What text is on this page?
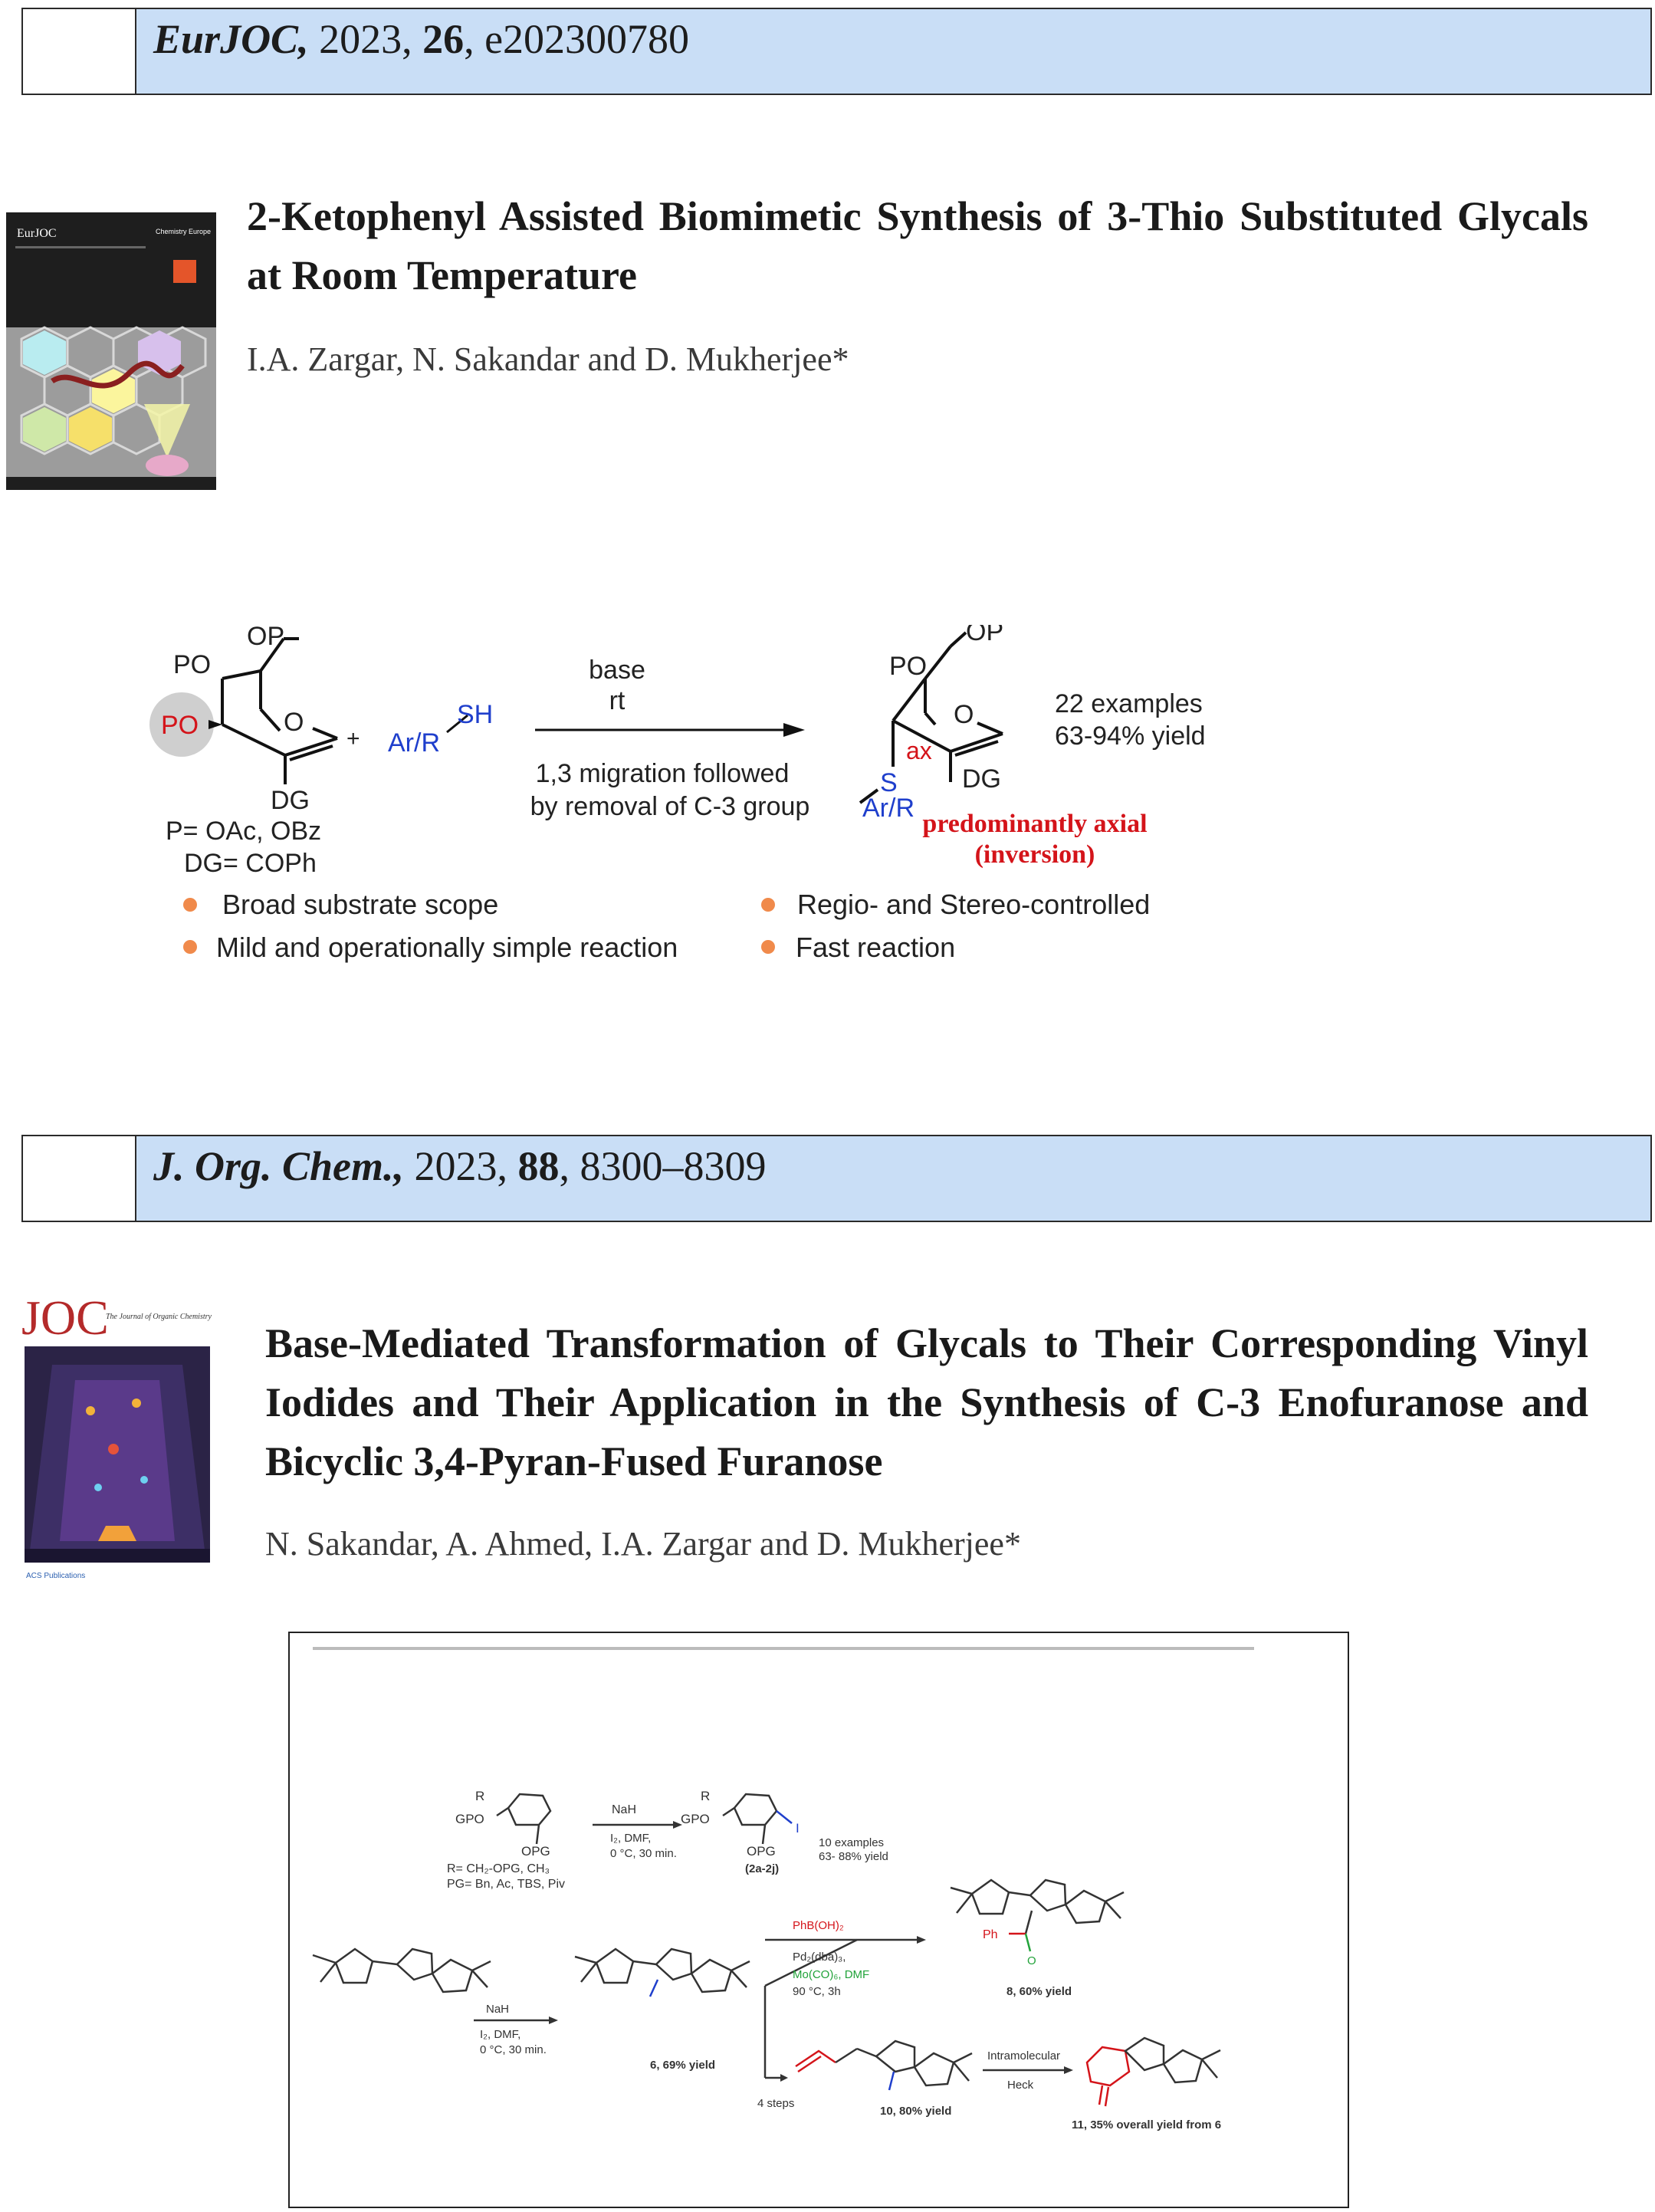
EurJOC, 2023, 26, e202300780
EurJOC	Chemistry Europe 2-Ketophenyl Assisted Biomimetic Synthesis of 3-Thio Substituted Glycals at Room Temperature
I.A. Zargar, N. Sakandar and D. Mukherjee*
PO
OP
PO	O
DG
P= OAc, OBz
DG= COPh
+ Ar/R
SH
base
rt
1,3 migration followed
by removal of C-3 group
PO
OP
O
DG
ax
S
Ar/R
22 examples
63-94% yield
predominantly axial
(inversion)
Broad substrate scope	Regio- and Stereo-controlled
Mild and operationally simple reaction	Fast reaction
J. Org. Chem., 2023, 88, 8300–8309
JOC
The Journal of Organic Chemistry
ACS Publications
Base-Mediated Transformation of Glycals to Their Corresponding Vinyl Iodides and Their Application in the Synthesis of C-3 Enofuranose and Bicyclic 3,4-Pyran-Fused Furanose
N. Sakandar, A. Ahmed, I.A. Zargar and D. Mukherjee*
R
GPO
OPG
R= CH₂-OPG, CH₃
PG= Bn, Ac, TBS, Piv
NaH
I₂, DMF,
0 °C, 30 min.
R
GPO
OPG
I
(2a-2j)
10 examples
63- 88% yield
NaH
I₂, DMF,
0 °C, 30 min.
6, 69% yield
PhB(OH)₂
Pd₂(dba)₃,
Mo(CO)₆, DMF
90 °C, 3h
4 steps
Ph
O
8, 60% yield
10, 80% yield
Intramolecular
Heck
11, 35% overall yield from 6
